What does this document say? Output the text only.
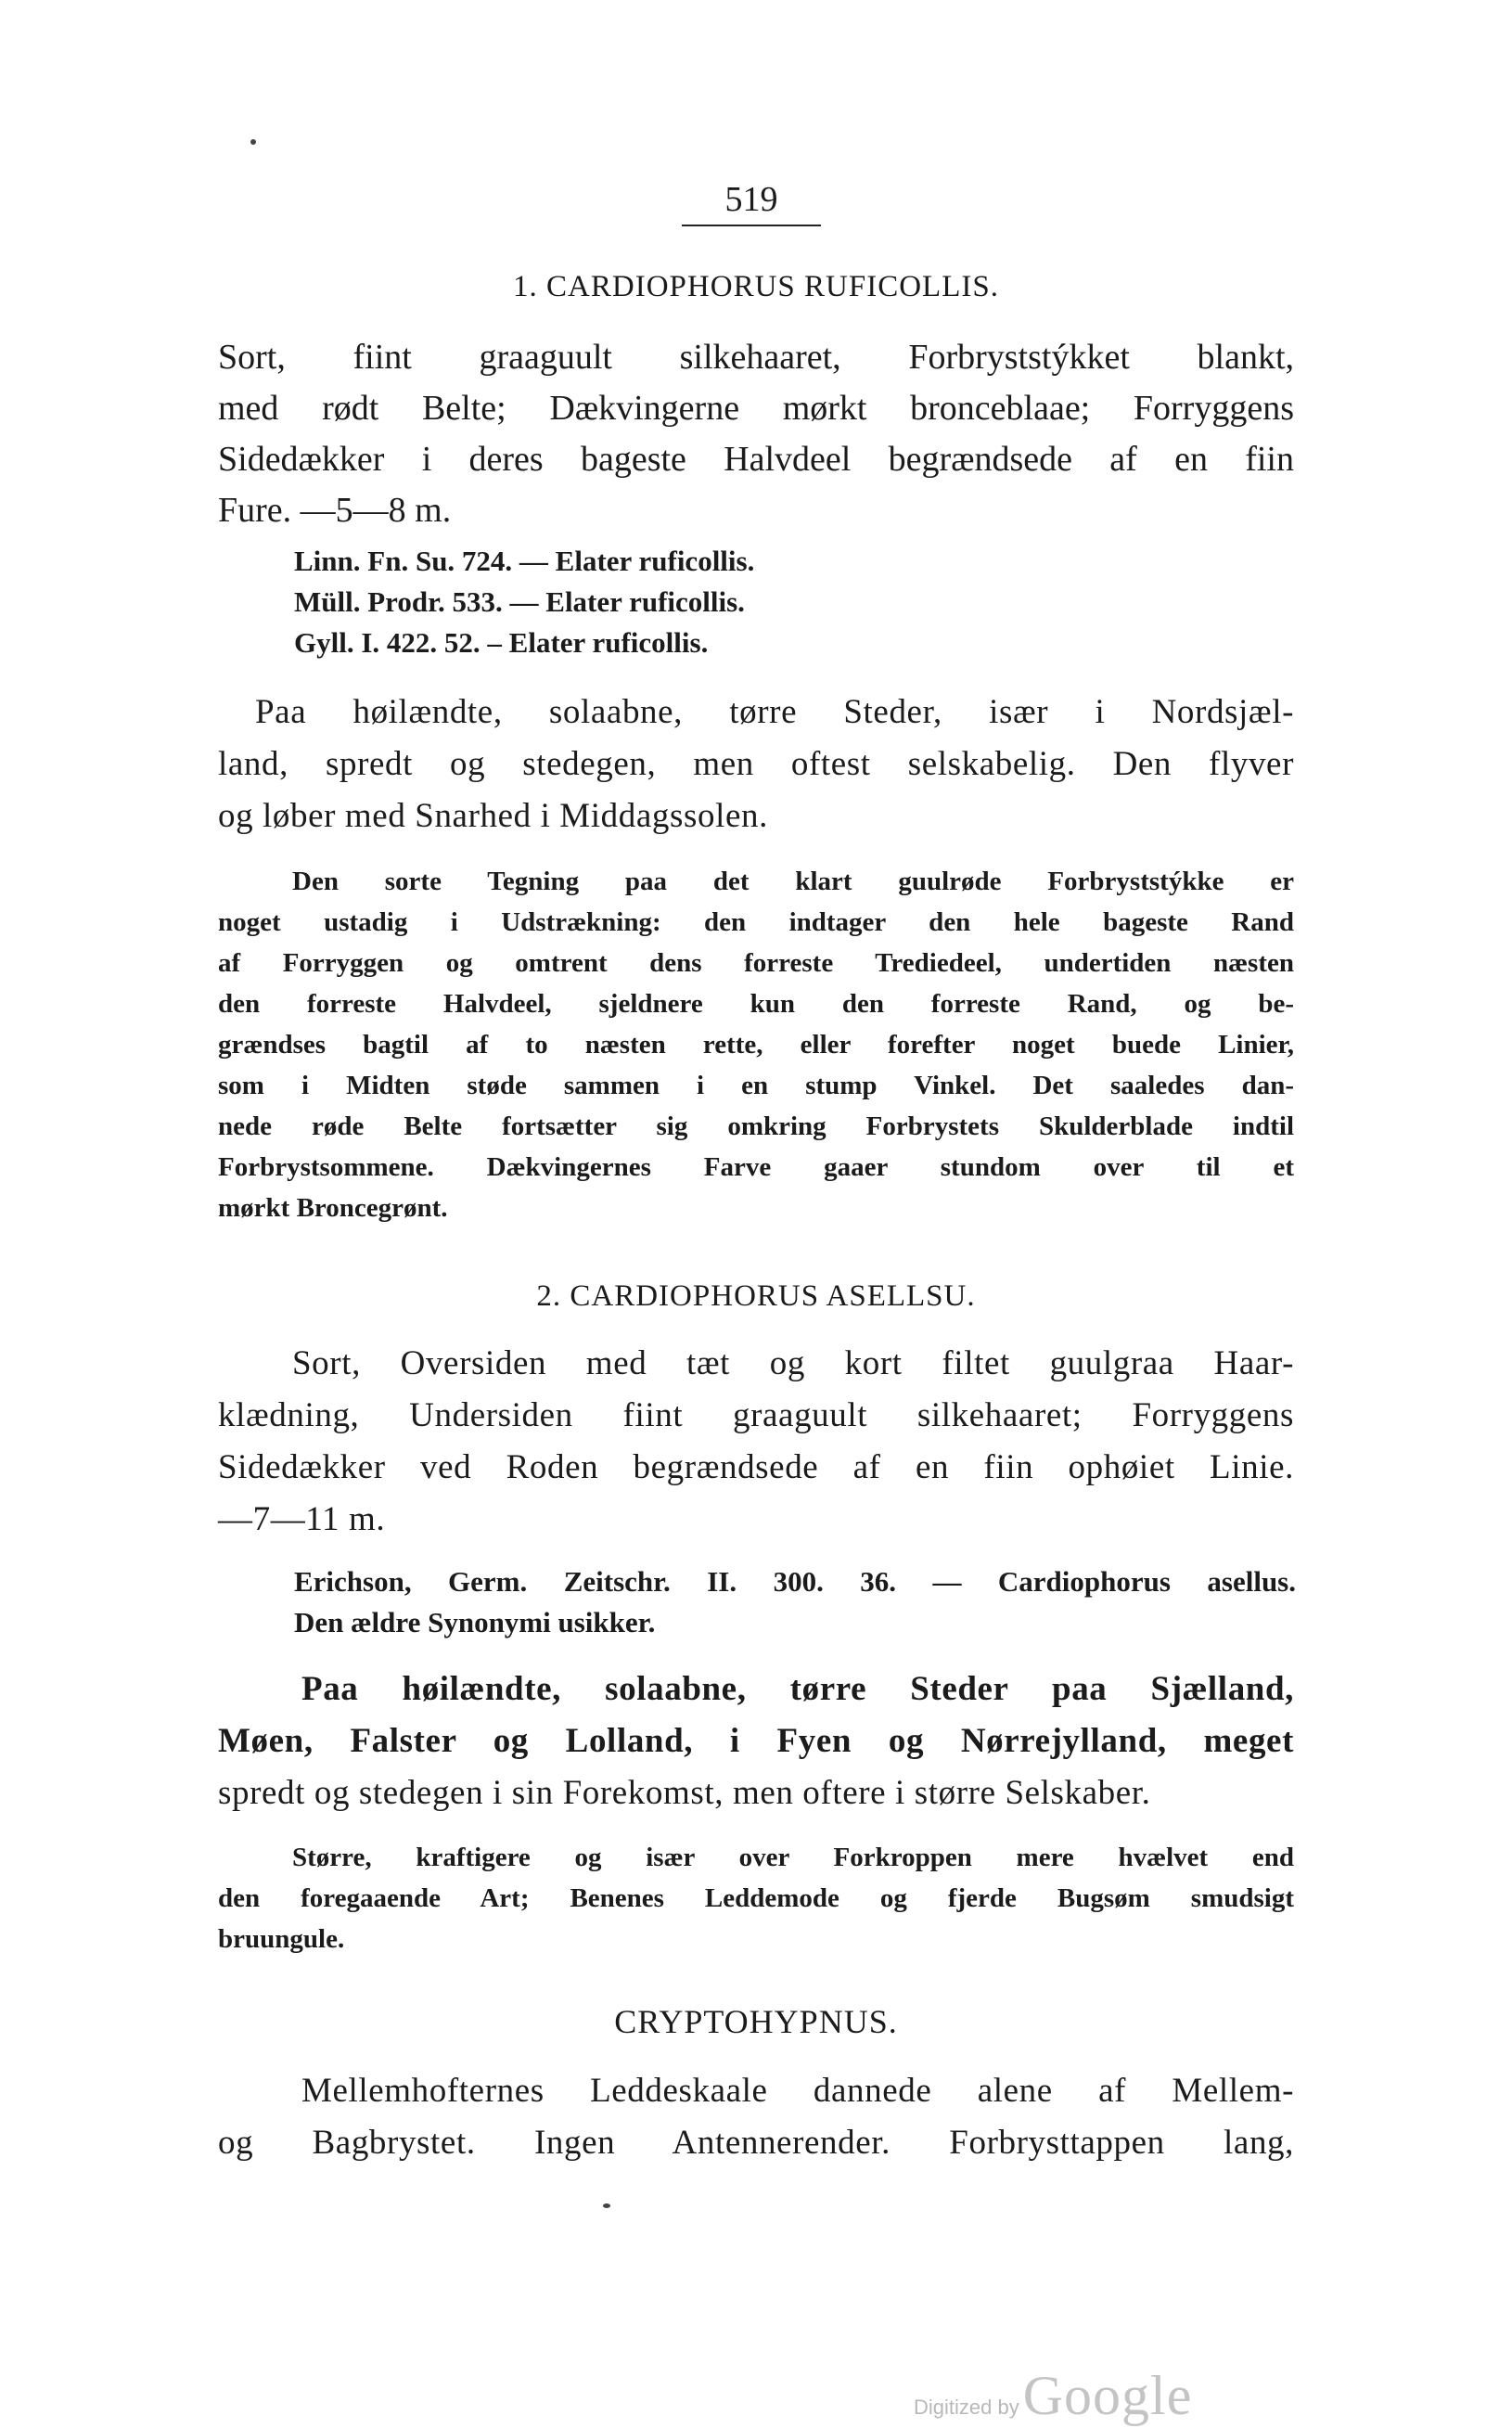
519
1. CARDIOPHORUS RUFICOLLIS.
Sort, fiint graaguult silkehaaret, Forbryststýkket blankt,
med rødt Belte; Dækvingerne mørkt bronceblaae; Forryggens
Sidedækker i deres bageste Halvdeel begrændsede af en fiin
Fure. —5—8 m.
Linn. Fn. Su. 724. — Elater ruficollis.
Müll. Prodr. 533. — Elater ruficollis.
Gyll. I. 422. 52. – Elater ruficollis.
Paa høilændte, solaabne, tørre Steder, især i Nordsjæl-
land, spredt og stedegen, men oftest selskabelig. Den flyver
og løber med Snarhed i Middagssolen.
Den sorte Tegning paa det klart guulrøde Forbryststýkke er
noget ustadig i Udstrækning: den indtager den hele bageste Rand
af Forryggen og omtrent dens forreste Trediedeel, undertiden næsten
den forreste Halvdeel, sjeldnere kun den forreste Rand, og be-
grændses bagtil af to næsten rette, eller forefter noget buede Linier,
som i Midten støde sammen i en stump Vinkel. Det saaledes dan-
nede røde Belte fortsætter sig omkring Forbrystets Skulderblade indtil
Forbrystsommene. Dækvingernes Farve gaaer stundom over til et
mørkt Broncegrønt.
2. CARDIOPHORUS ASELLSU.
Sort, Oversiden med tæt og kort filtet guulgraa Haar-
klædning, Undersiden fiint graaguult silkehaaret; Forryggens
Sidedækker ved Roden begrændsede af en fiin ophøiet Linie.
—7—11 m.
Erichson, Germ. Zeitschr. II. 300. 36. — Cardiophorus asellus.
Den ældre Synonymi usikker.
Paa høilændte, solaabne, tørre Steder paa Sjælland,
Møen, Falster og Lolland, i Fyen og Nørrejylland, meget
spredt og stedegen i sin Forekomst, men oftere i større Selskaber.
Større, kraftigere og især over Forkroppen mere hvælvet end
den foregaaende Art; Benenes Leddemode og fjerde Bugsøm smudsigt
bruungule.
CRYPTOHYPNUS.
Mellemhofternes Leddeskaale dannede alene af Mellem-
og Bagbrystet. Ingen Antennerender. Forbrysttappen lang,
Digitized by Google
